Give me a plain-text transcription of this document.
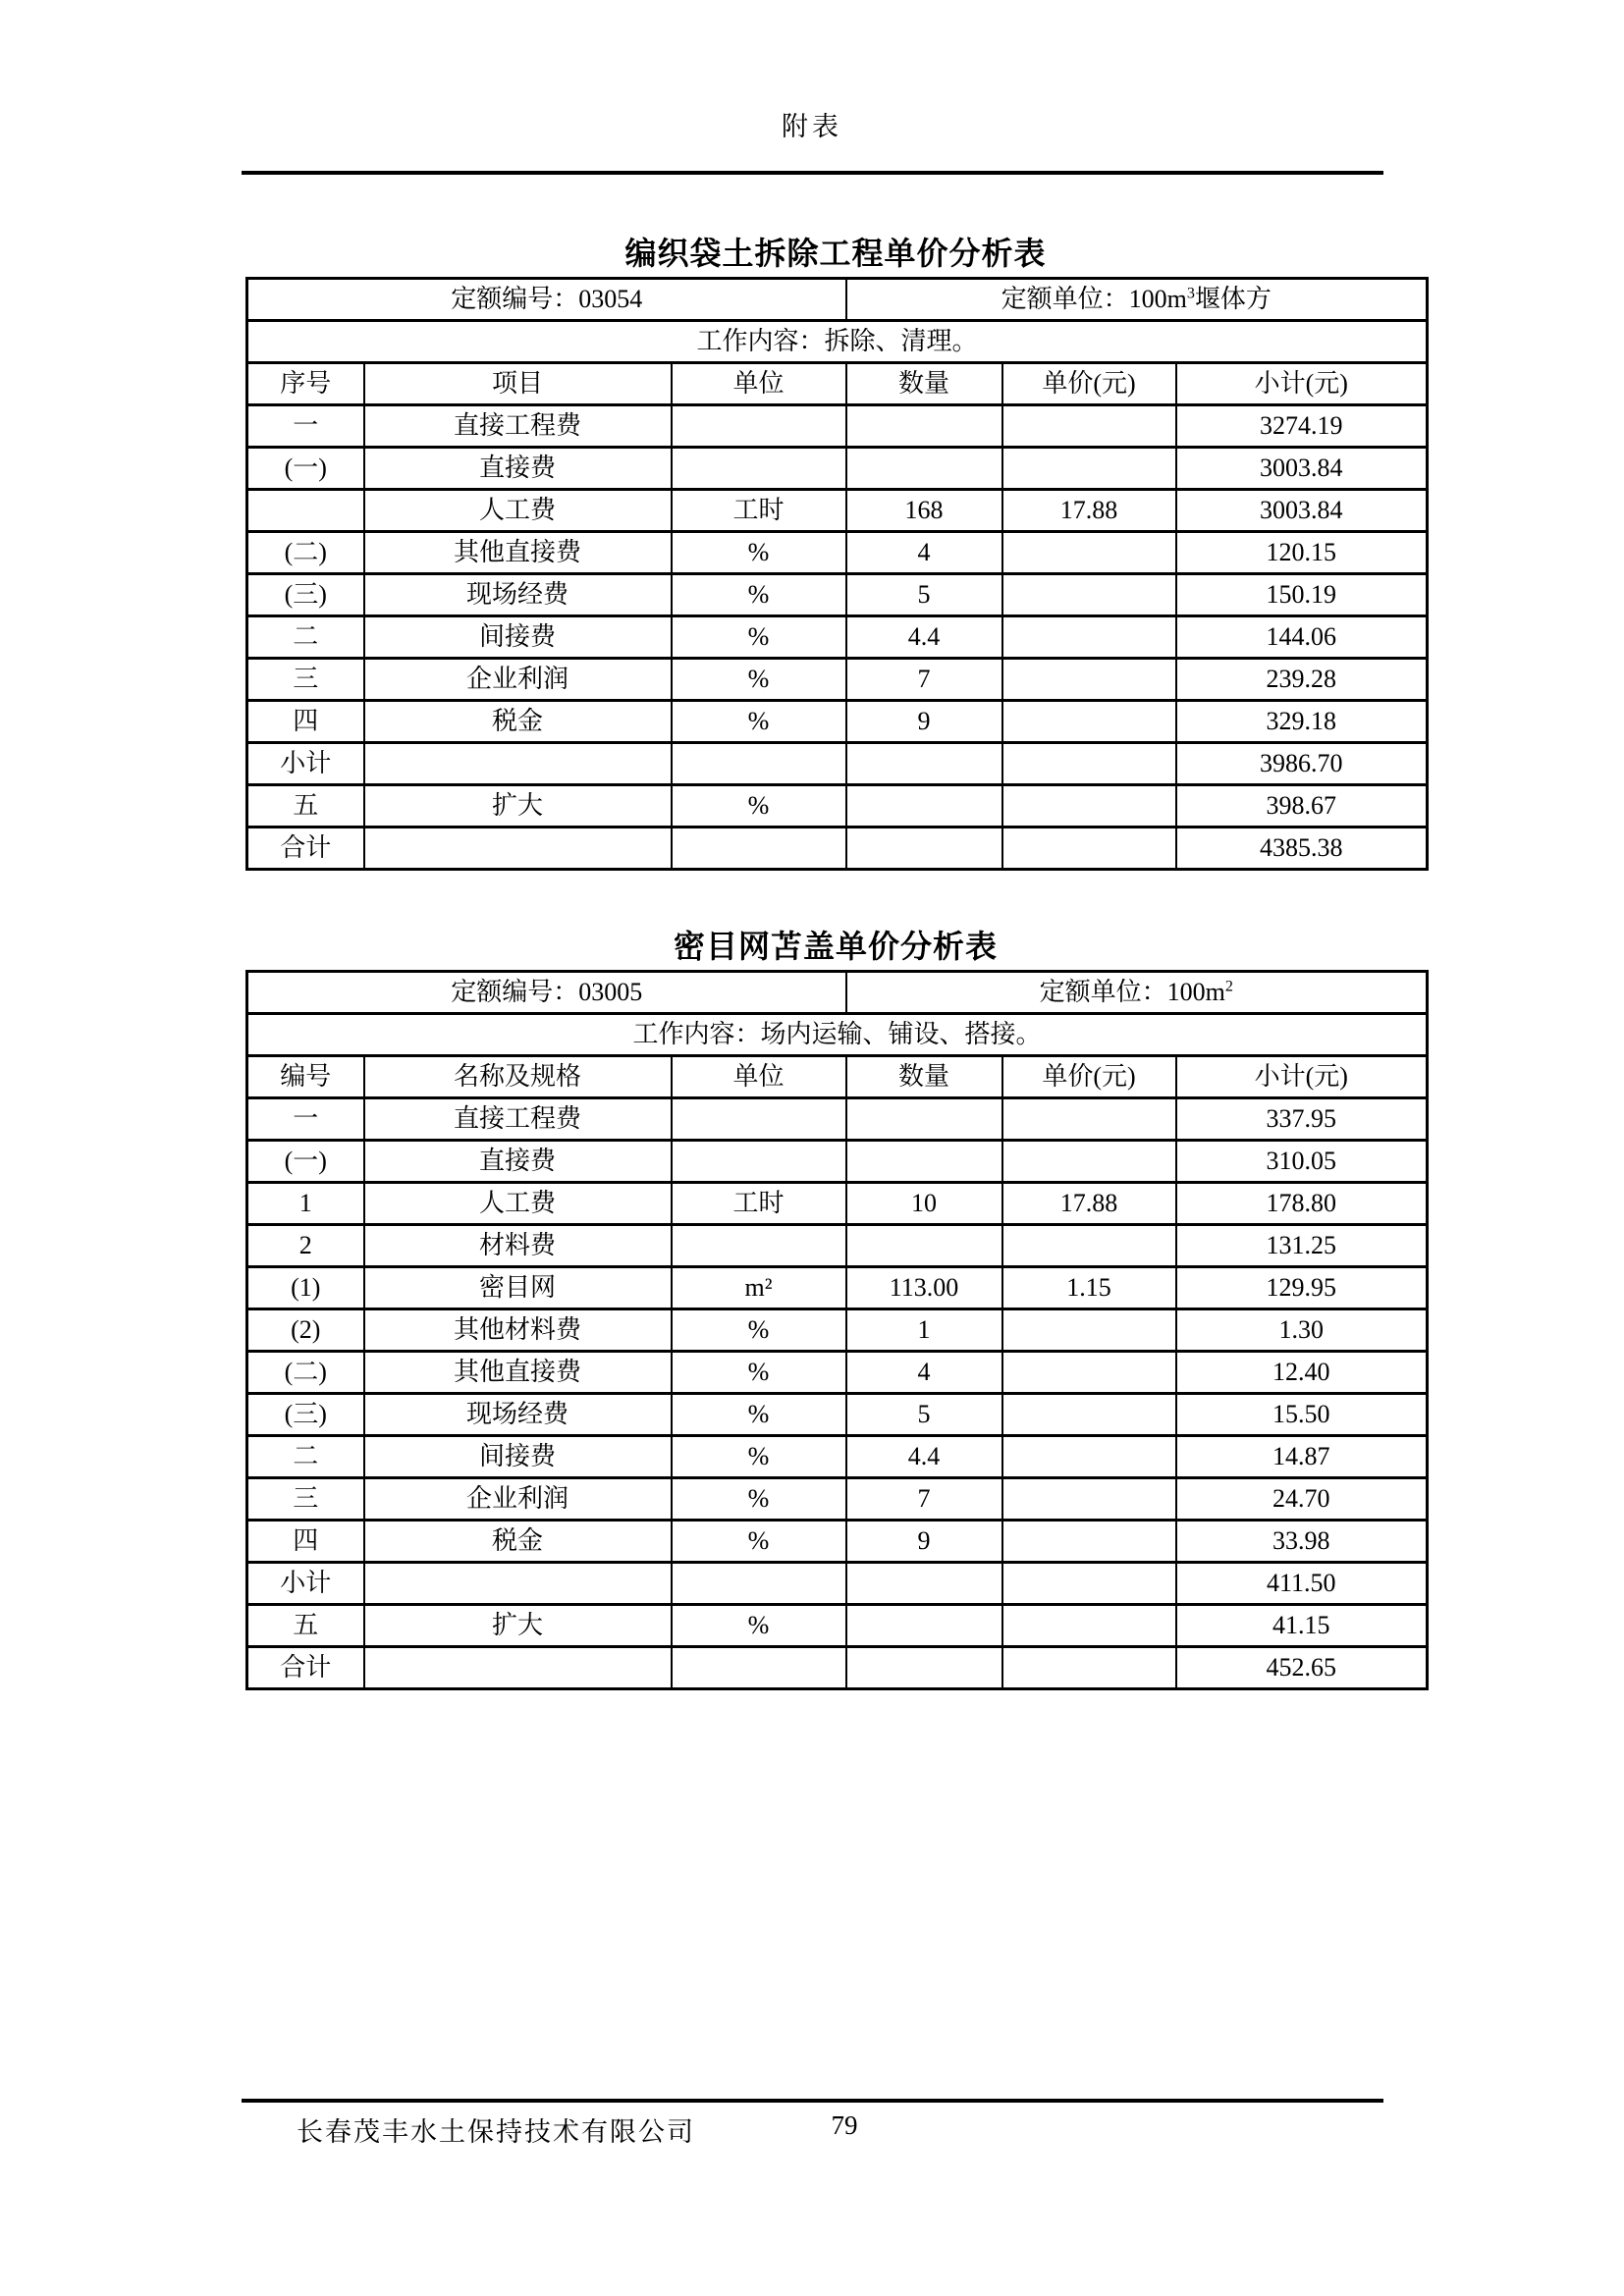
附表
编织袋土拆除工程单价分析表
定额编号：03054			定额单位：$100m^3$堰体方		
工作内容：拆除、清理。					
序号	项目	单位	数量	单价(元)	小计(元)
一	直接工程费				3274.19
(一)	直接费				3003.84
	人工费	工时	168	17.88	3003.84
(二)	其他直接费	%	4		120.15
(三)	现场经费	%	5		150.19
二	间接费	%	4.4		144.06
三	企业利润	%	7		239.28
四	税金	%	9		329.18
小计					3986.70
五	扩大	%			398.67
合计					4385.38
密目网苫盖单价分析表
定额编号：03005			定额单位：$100m^2$
工作内容：场内运输、铺设、搭接。					
编号	名称及规格	单位	数量	单价(元)	小计(元)
一	直接工程费				337.95
(一)	直接费				310.05
1	人工费	工时	10	17.88	178.80
2	材料费				131.25
(1)	密目网	m²	113.00	1.15	129.95
(2)	其他材料费	%	1		1.30
(二)	其他直接费	%	4		12.40
(三)	现场经费	%	5		15.50
二	间接费	%	4.4		14.87
三	企业利润	%	7		24.70
四	税金	%	9		33.98
小计					411.50
五	扩大	%			41.15
合计					452.65
长春茂丰水土保持技术有限公司	79
